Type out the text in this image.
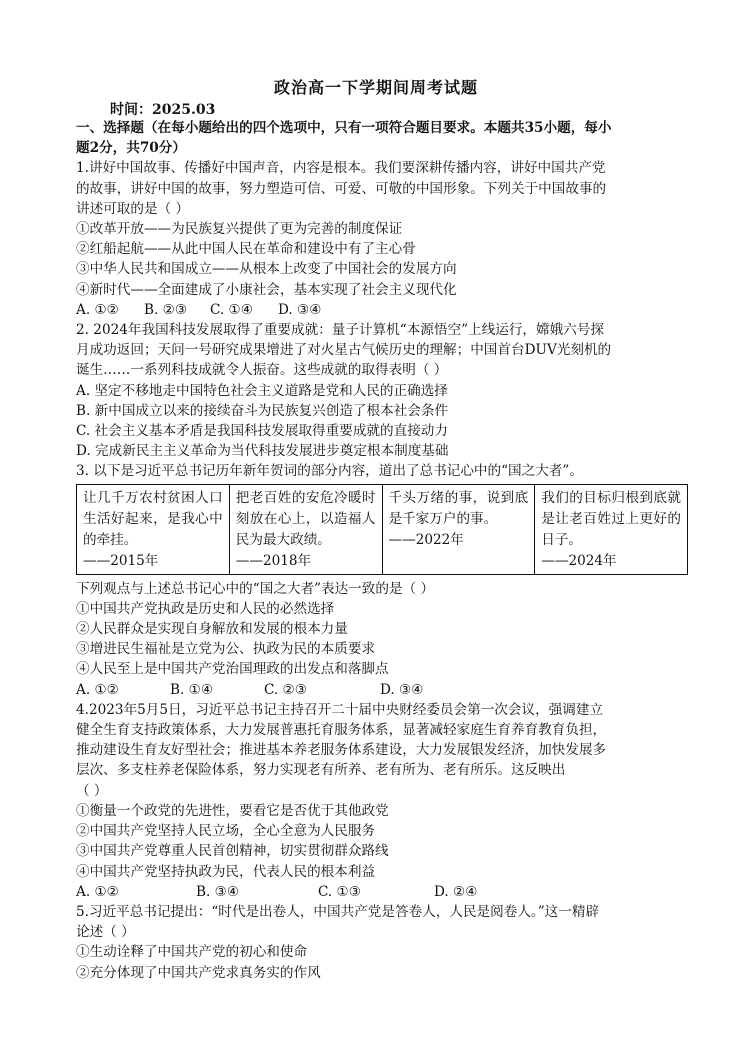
政治高一下学期间周考试题
时间：2025.03
一、选择题（在每小题给出的四个选项中，只有一项符合题目要求。本题共35小题，每小
题2分，共70分）
1.讲好中国故事、传播好中国声音，内容是根本。我们要深耕传播内容，讲好中国共产党
的故事，讲好中国的故事，努力塑造可信、可爱、可敬的中国形象。下列关于中国故事的
讲述可取的是（ ）
①改革开放——为民族复兴提供了更为完善的制度保证
②红船起航——从此中国人民在革命和建设中有了主心骨
③中华人民共和国成立——从根本上改变了中国社会的发展方向
④新时代——全面建成了小康社会，基本实现了社会主义现代化
A. ①②	B. ②③	C. ①④	D. ③④
2. 2024年我国科技发展取得了重要成就：量子计算机“本源悟空”上线运行，嫦娥六号探
月成功返回；天问一号研究成果增进了对火星古气候历史的理解；中国首台DUV光刻机的
诞生……一系列科技成就令人振奋。这些成就的取得表明（ ）
A. 坚定不移地走中国特色社会主义道路是党和人民的正确选择
B. 新中国成立以来的接续奋斗为民族复兴创造了根本社会条件
C. 社会主义基本矛盾是我国科技发展取得重要成就的直接动力
D. 完成新民主主义革命为当代科技发展进步奠定根本制度基础
3. 以下是习近平总书记历年新年贺词的部分内容，道出了总书记心中的“国之大者”。
让几千万农村贫困人口生活好起来，是我心中的牵挂。
——2015年

把老百姓的安危冷暖时刻放在心上，以造福人民为最大政绩。
——2018年

千头万绪的事，说到底是千家万户的事。
——2022年

我们的目标归根到底就是让老百姓过上更好的日子。
——2024年
下列观点与上述总书记心中的“国之大者”表达一致的是（ ）
①中国共产党执政是历史和人民的必然选择
②人民群众是实现自身解放和发展的根本力量
③增进民生福祉是立党为公、执政为民的本质要求
④人民至上是中国共产党治国理政的出发点和落脚点
A. ①②	B. ①④	C. ②③	D. ③④
4.2023年5月5日，习近平总书记主持召开二十届中央财经委员会第一次会议，强调建立
健全生育支持政策体系，大力发展普惠托育服务体系，显著减轻家庭生育养育教育负担，
推动建设生育友好型社会；推进基本养老服务体系建设，大力发展银发经济，加快发展多
层次、多支柱养老保险体系，努力实现老有所养、老有所为、老有所乐。这反映出
（ ）
①衡量一个政党的先进性，要看它是否优于其他政党
②中国共产党坚持人民立场，全心全意为人民服务
③中国共产党尊重人民首创精神，切实贯彻群众路线
④中国共产党坚持执政为民，代表人民的根本利益
A. ①②	B. ③④	C. ①③	D. ②④
5.习近平总书记提出：“时代是出卷人，中国共产党是答卷人，人民是阅卷人。”这一精辟
论述（ ）
①生动诠释了中国共产党的初心和使命
②充分体现了中国共产党求真务实的作风
